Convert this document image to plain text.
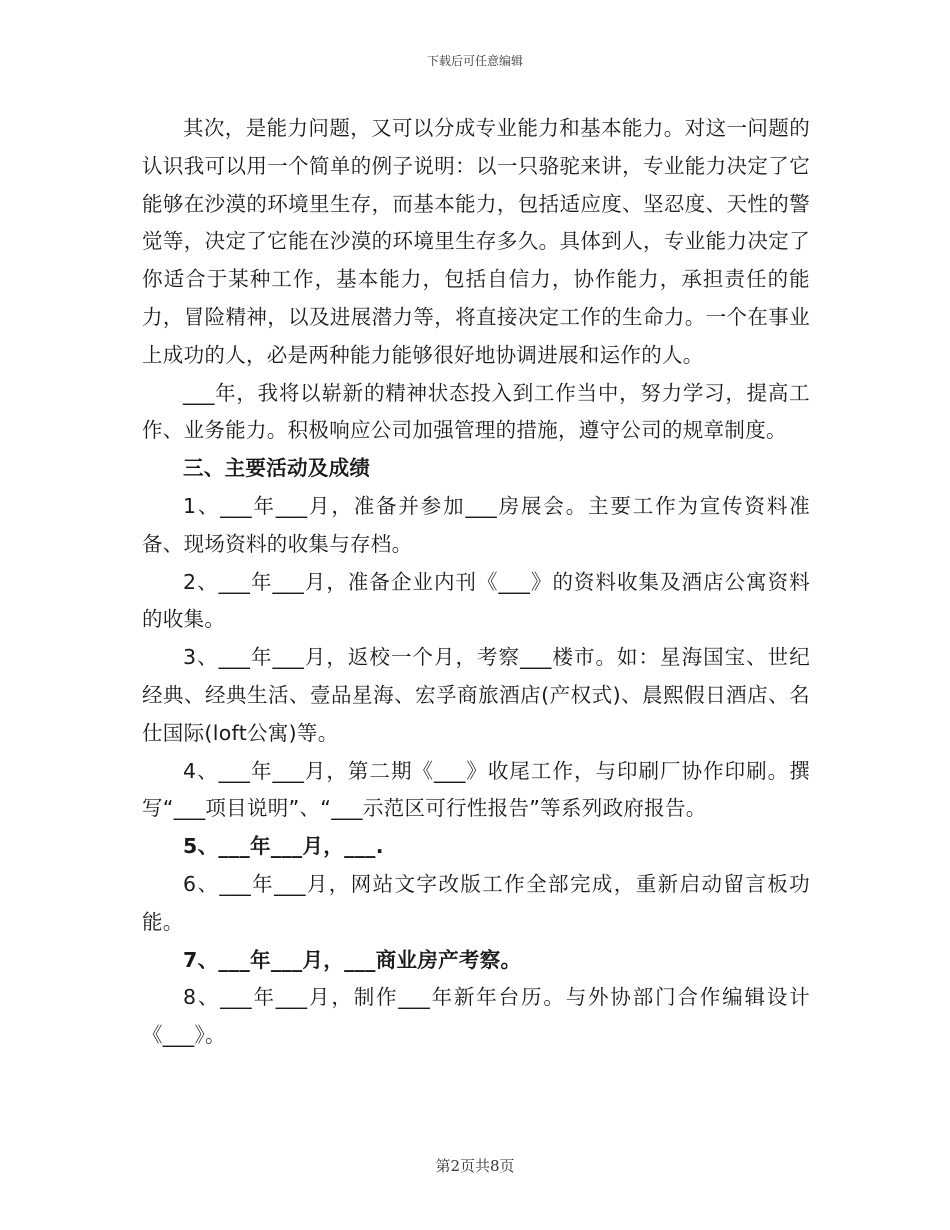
下载后可任意编辑

其次，是能力问题，又可以分成专业能力和基本能力。对这一问题的认识我可以用一个简单的例子说明：以一只骆驼来讲，专业能力决定了它能够在沙漠的环境里生存，而基本能力，包括适应度、坚忍度、天性的警觉等，决定了它能在沙漠的环境里生存多久。具体到人，专业能力决定了你适合于某种工作，基本能力，包括自信力，协作能力，承担责任的能力，冒险精神，以及进展潜力等，将直接决定工作的生命力。一个在事业上成功的人，必是两种能力能够很好地协调进展和运作的人。

___年，我将以崭新的精神状态投入到工作当中，努力学习，提高工作、业务能力。积极响应公司加强管理的措施，遵守公司的规章制度。

三、主要活动及成绩

1、___年___月，准备并参加___房展会。主要工作为宣传资料准备、现场资料的收集与存档。

2、___年___月，准备企业内刊《___》的资料收集及酒店公寓资料的收集。

3、___年___月，返校一个月，考察___楼市。如：星海国宝、世纪经典、经典生活、壹品星海、宏孚商旅酒店(产权式)、晨熙假日酒店、名仕国际(loft公寓)等。

4、___年___月，第二期《___》收尾工作，与印刷厂协作印刷。撰写“___项目说明”、“___示范区可行性报告”等系列政府报告。

5、___年___月，___.

6、___年___月，网站文字改版工作全部完成，重新启动留言板功能。

7、___年___月，___商业房产考察。

8、___年___月，制作___年新年台历。与外协部门合作编辑设计《___》。

第2页共8页
